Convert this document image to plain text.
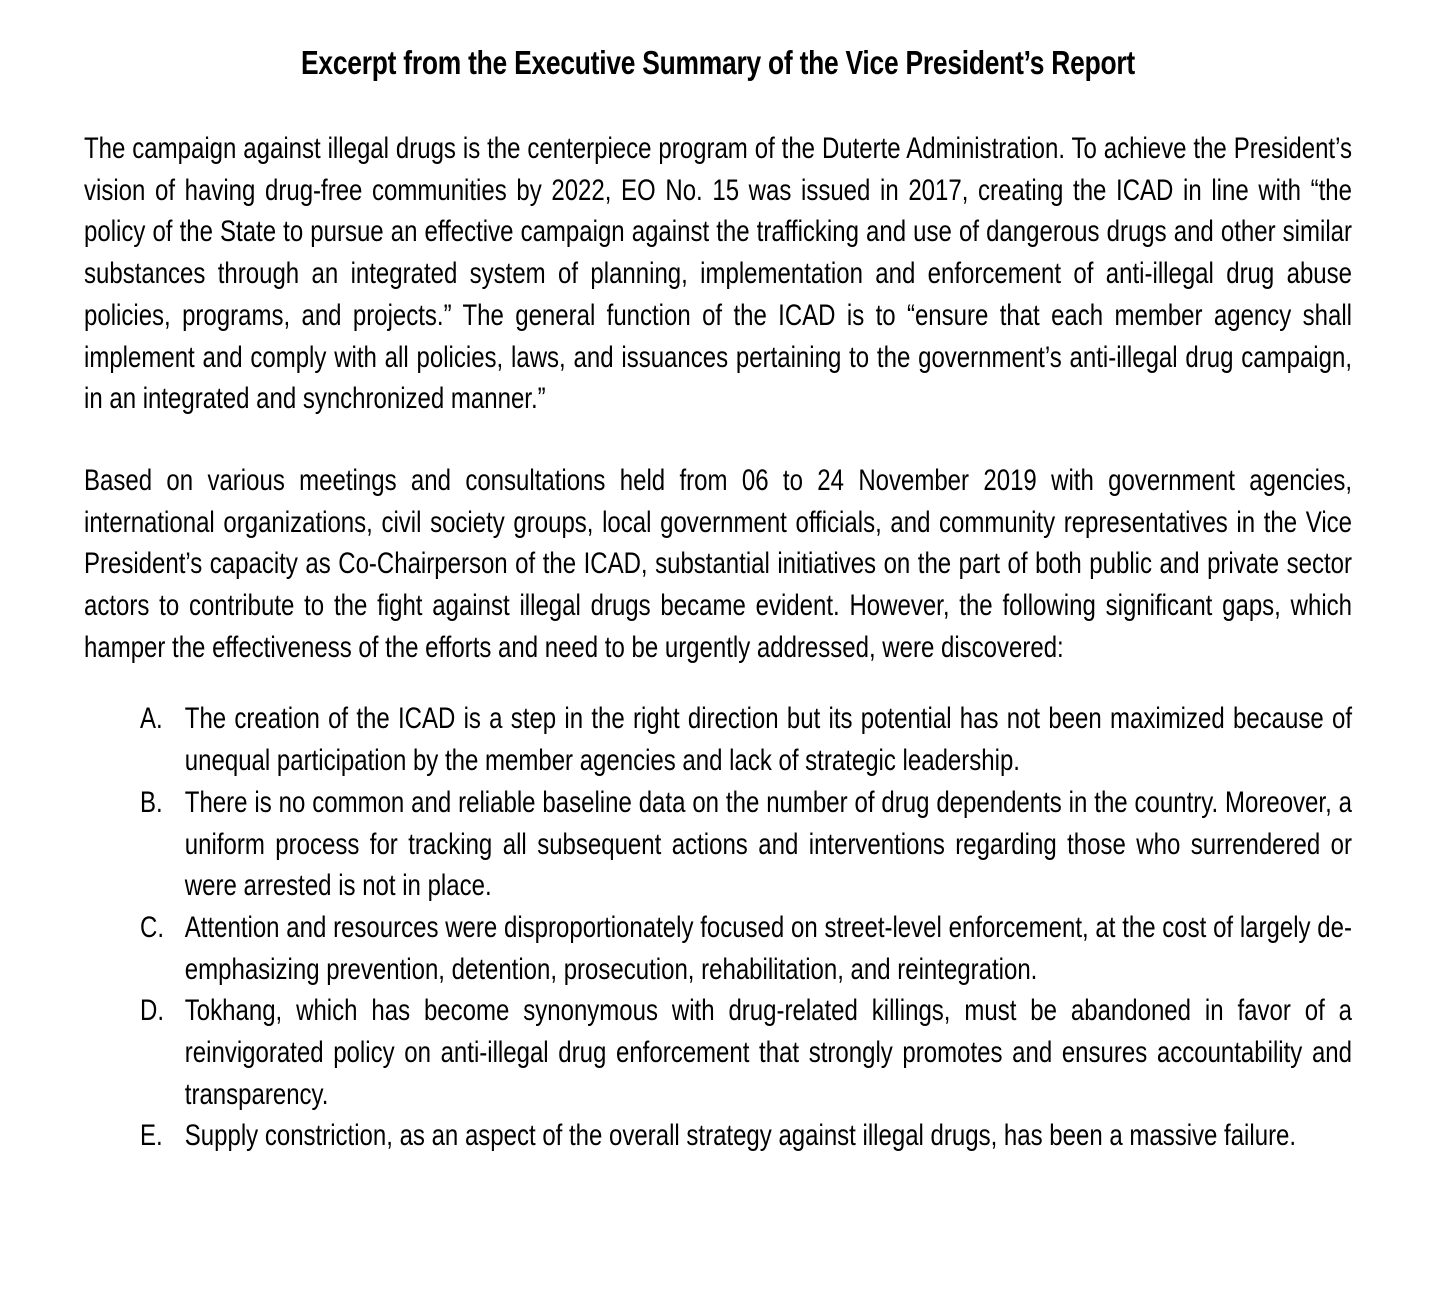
Excerpt from the Executive Summary of the Vice President’s Report

The campaign against illegal drugs is the centerpiece program of the Duterte Administration. To achieve the President’s vision of having drug-free communities by 2022, EO No. 15 was issued in 2017, creating the ICAD in line with “the policy of the State to pursue an effective campaign against the trafficking and use of dangerous drugs and other similar substances through an integrated system of planning, implementation and enforcement of anti-illegal drug abuse policies, programs, and projects.” The general function of the ICAD is to “ensure that each member agency shall implement and comply with all policies, laws, and issuances pertaining to the government’s anti-illegal drug campaign, in an integrated and synchronized manner.”

Based on various meetings and consultations held from 06 to 24 November 2019 with government agencies, international organizations, civil society groups, local government officials, and community representatives in the Vice President’s capacity as Co-Chairperson of the ICAD, substantial initiatives on the part of both public and private sector actors to contribute to the fight against illegal drugs became evident. However, the following significant gaps, which hamper the effectiveness of the efforts and need to be urgently addressed, were discovered:

A. The creation of the ICAD is a step in the right direction but its potential has not been maximized because of unequal participation by the member agencies and lack of strategic leadership.
B. There is no common and reliable baseline data on the number of drug dependents in the country. Moreover, a uniform process for tracking all subsequent actions and interventions regarding those who surrendered or were arrested is not in place.
C. Attention and resources were disproportionately focused on street-level enforcement, at the cost of largely de-emphasizing prevention, detention, prosecution, rehabilitation, and reintegration.
D. Tokhang, which has become synonymous with drug-related killings, must be abandoned in favor of a reinvigorated policy on anti-illegal drug enforcement that strongly promotes and ensures accountability and transparency.
E. Supply constriction, as an aspect of the overall strategy against illegal drugs, has been a massive failure.
